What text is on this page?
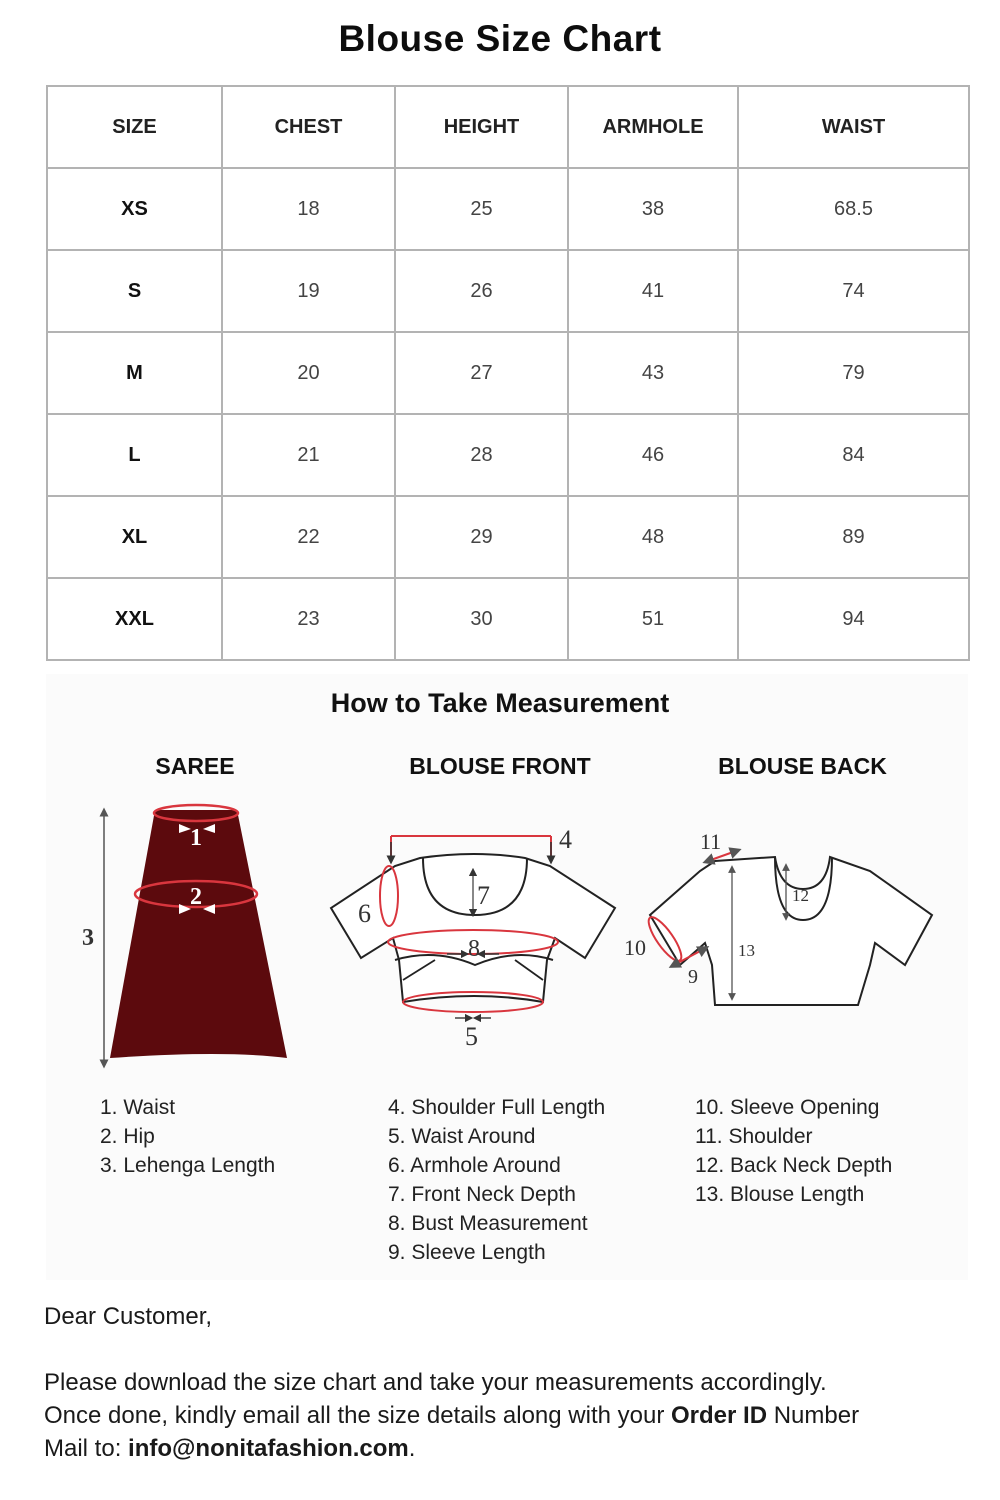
Blouse Size Chart
SIZE	CHEST	HEIGHT	ARMHOLE	WAIST
XS	18	25	38	68.5
S	19	26	41	74
M	20	27	43	79
L	21	28	46	84
XL	22	29	48	89
XXL	23	30	51	94
How to Take Measurement
SAREE	BLOUSE FRONT	BLOUSE BACK
1
2
3
4
5
6
7
8
9
10
11
12
13
1. Waist
2. Hip
3. Lehenga Length
4. Shoulder Full Length
5. Waist Around
6. Armhole Around
7. Front Neck Depth
8. Bust Measurement
9. Sleeve Length
10. Sleeve Opening
11. Shoulder
12. Back Neck Depth
13. Blouse Length
Dear Customer,
Please download the size chart and take your measurements accordingly.
Once done, kindly email all the size details along with your Order ID Number
Mail to: info@nonitafashion.com.
